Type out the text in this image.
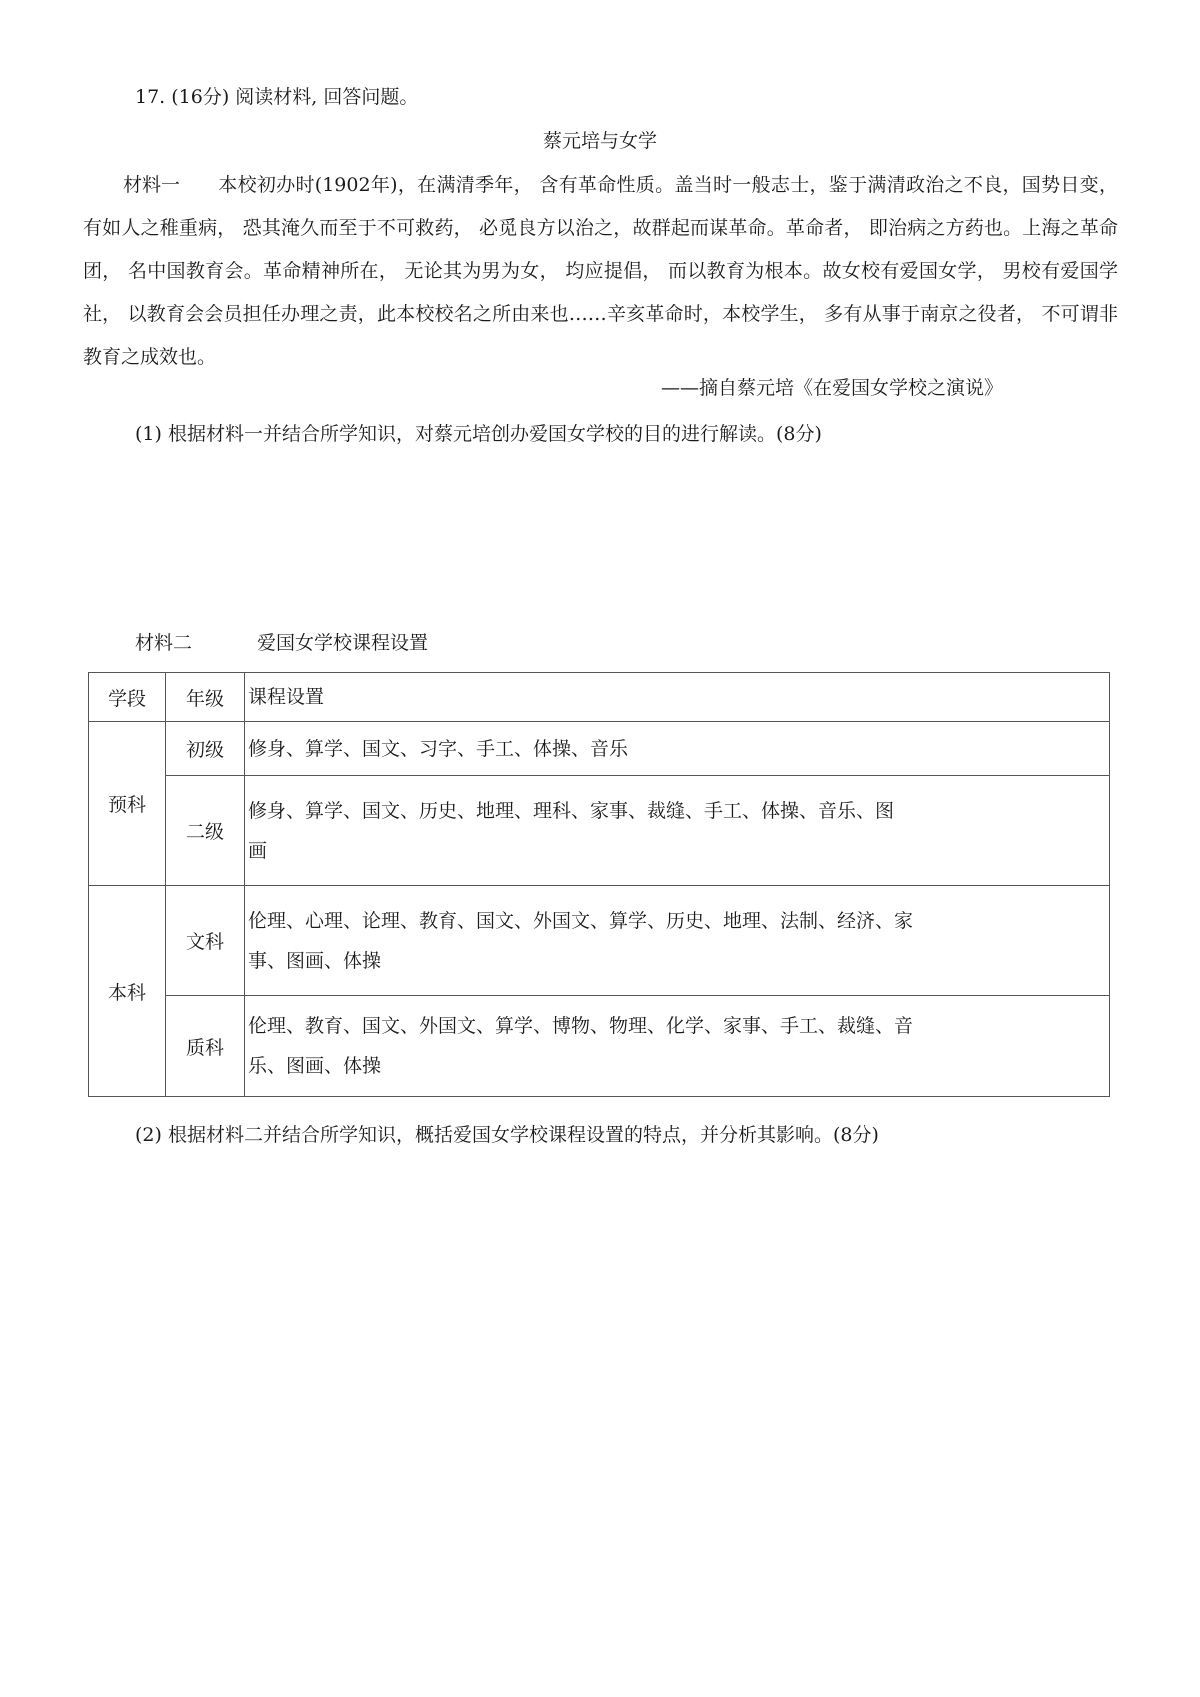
17. (16分) 阅读材料, 回答问题。
蔡元培与女学
材料一 本校初办时(1902年)，在满清季年， 含有革命性质。盖当时一般志士，鉴于满清政治之不良，国势日变， 有如人之稚重病， 恐其淹久而至于不可救药， 必觅良方以治之，故群起而谋革命。革命者， 即治病之方药也。上海之革命团， 名中国教育会。革命精神所在， 无论其为男为女， 均应提倡， 而以教育为根本。故女校有爱国女学， 男校有爱国学社， 以教育会会员担任办理之责，此本校校名之所由来也……辛亥革命时，本校学生， 多有从事于南京之役者， 不可谓非教育之成效也。
——摘自蔡元培《在爱国女学校之演说》
(1) 根据材料一并结合所学知识，对蔡元培创办爱国女学校的目的进行解读。(8分)
材料二	爱国女学校课程设置
学段	年级	课程设置
预科	初级	修身、算学、国文、习字、手工、体操、音乐
	二级	修身、算学、国文、历史、地理、理科、家事、裁缝、手工、体操、音乐、图画
本科	文科	伦理、心理、论理、教育、国文、外国文、算学、历史、地理、法制、经济、家事、图画、体操
	质科	伦理、教育、国文、外国文、算学、博物、物理、化学、家事、手工、裁缝、音乐、图画、体操
(2) 根据材料二并结合所学知识，概括爱国女学校课程设置的特点，并分析其影响。(8分)
